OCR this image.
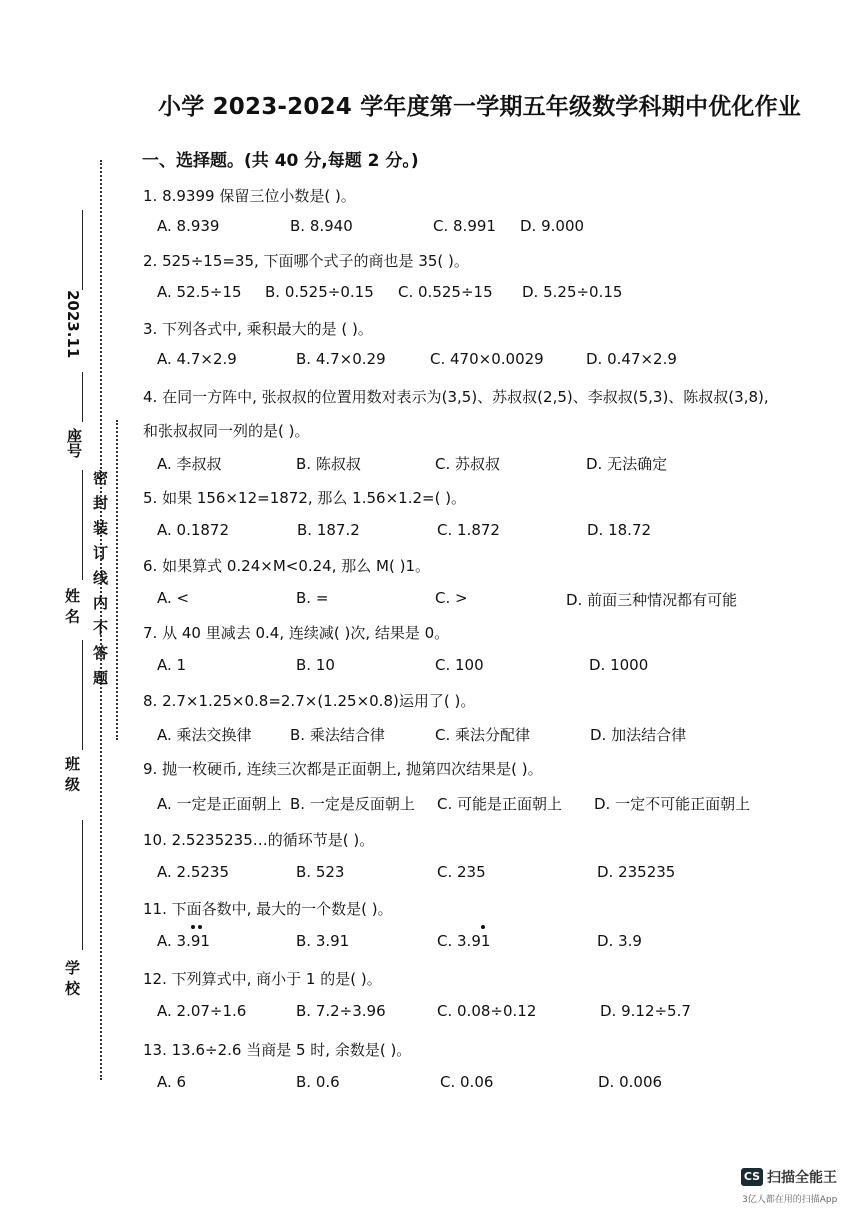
2023.11
座号
姓 名 密封装订线内不答题
班 级
学 校
小学 2023-2024 学年度第一学期五年级数学科期中优化作业
一、选择题。(共 40 分,每题 2 分。)
1. 8.9399 保留三位小数是( )。
A. 8.939	B. 8.940	C. 8.991 D. 9.000
2. 525÷15=35, 下面哪个式子的商也是 35( )。
A. 52.5÷15 B. 0.525÷0.15 C. 0.525÷15 D. 5.25÷0.15
3. 下列各式中, 乘积最大的是 ( )。
A. 4.7×2.9	B. 4.7×0.29	C. 470×0.0029	D. 0.47×2.9
4. 在同一方阵中, 张叔叔的位置用数对表示为(3,5)、苏叔叔(2,5)、李叔叔(5,3)、陈叔叔(3,8),
和张叔叔同一列的是( )。
A. 李叔叔	B. 陈叔叔	C. 苏叔叔	D. 无法确定
5. 如果 156×12=1872, 那么 1.56×1.2=( )。
A. 0.1872	B. 187.2	C. 1.872	D. 18.72
6. 如果算式 0.24×M<0.24, 那么 M( )1。
A. <	B. =	C. >	D. 前面三种情况都有可能
7. 从 40 里减去 0.4, 连续减( )次, 结果是 0。
A. 1	B. 10	C. 100	D. 1000
8. 2.7×1.25×0.8=2.7×(1.25×0.8)运用了( )。
A. 乘法交换律	B. 乘法结合律	C. 乘法分配律	D. 加法结合律
9. 抛一枚硬币, 连续三次都是正面朝上, 抛第四次结果是( )。
A. 一定是正面朝上 B. 一定是反面朝上 C. 可能是正面朝上 D. 一定不可能正面朝上
10. 2.5235235…的循环节是( )。
A. 2.5235	B. 523	C. 235	D. 235235
11. 下面各数中, 最大的一个数是( )。
A. 3.91	B. 3.91	C. 3.91	D. 3.9
12. 下列算式中, 商小于 1 的是( )。
A. 2.07÷1.6	B. 7.2÷3.96	C. 0.08÷0.12	D. 9.12÷5.7
13. 13.6÷2.6 当商是 5 时, 余数是( )。
A. 6	B. 0.6	C. 0.06	D. 0.006
CS 扫描全能王
3亿人都在用的扫描App
